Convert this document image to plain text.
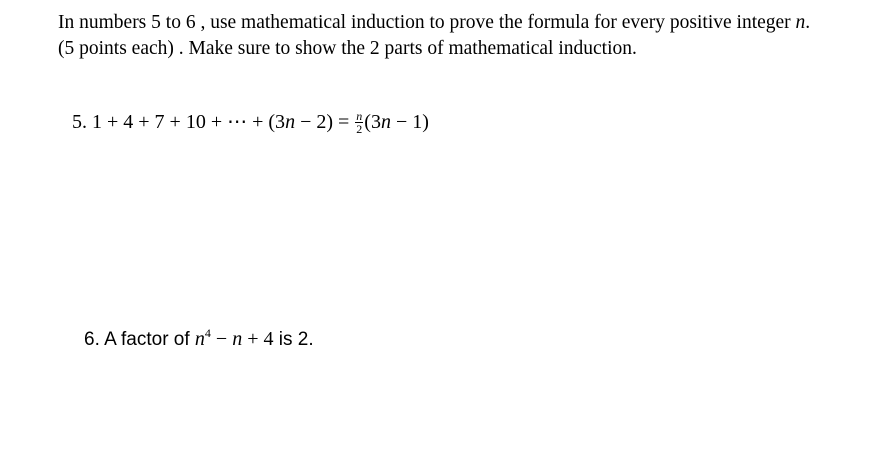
In numbers 5 to 6 , use mathematical induction to prove the formula for every positive integer n.
(5 points each) . Make sure to show the 2 parts of mathematical induction.
5. 1 + 4 + 7 + 10 + ⋯ + $(3n - 2) = \frac{n}{2} (3n - 1)$
6. A factor of $n^4 - n + 4$ is 2.
